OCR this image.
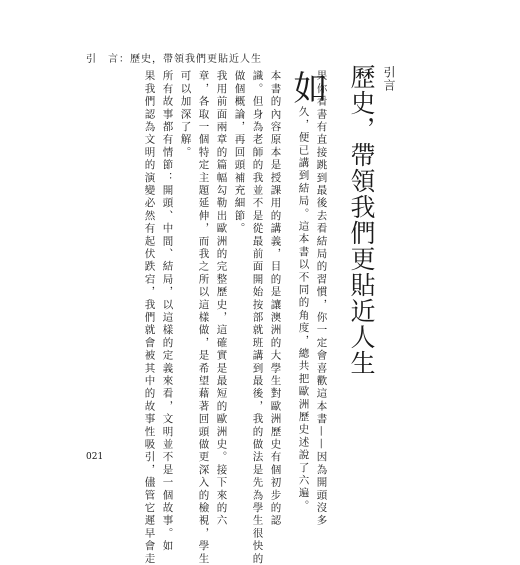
引　言：歷史，帶領我們更貼近人生
引言
歷史，帶領我們更貼近人生
如
果你看書有直接跳到最後去看結局的習慣，你一定會喜歡這本書——因為開頭沒多
久，便已講到結局。這本書以不同的角度，總共把歐洲歷史述說了六遍。
本書的內容原本是授課用的講義，目的是讓澳洲的大學生對歐洲歷史有個初步的認
識。但身為老師的我並不是從最前面開始按部就班講到最後，我的做法是先為學生很快的
做個概論，再回頭補充細節。
我用前面兩章的篇幅勾勒出歐洲的完整歷史，這確實是最短的歐洲史。接下來的六
章，各取一個特定主題延伸，而我之所以這樣做，是希望藉著回頭做更深入的檢視，學生
可以加深了解。
所有故事都有情節：開頭、中間、結局，以這樣的定義來看，文明並不是一個故事。如
果我們認為文明的演變必然有起伏跌宕，我們就會被其中的故事性吸引，儘管它遲早會走
021
